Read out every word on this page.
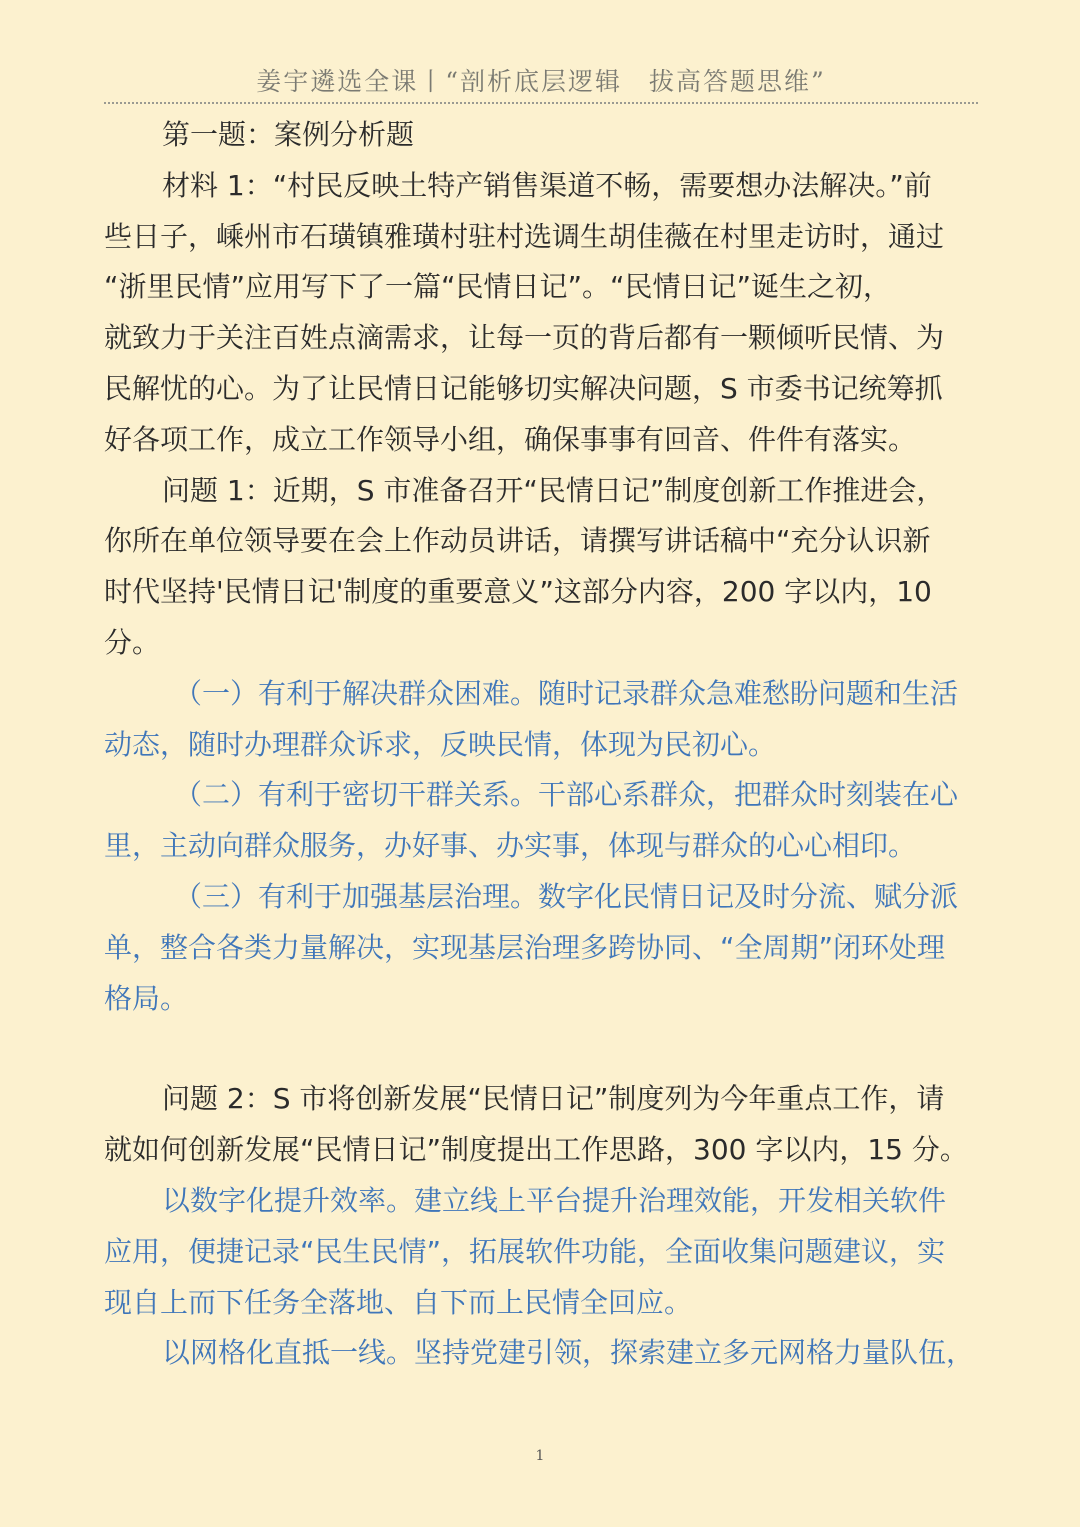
姜宇遴选全课丨“剖析底层逻辑　拔高答题思维”
第一题：案例分析题
材料 1：“村民反映土特产销售渠道不畅，需要想办法解决。”前
些日子，嵊州市石璜镇雅璜村驻村选调生胡佳薇在村里走访时，通过
“浙里民情”应用写下了一篇“民情日记”。“民情日记”诞生之初，
就致力于关注百姓点滴需求，让每一页的背后都有一颗倾听民情、为
民解忧的心。为了让民情日记能够切实解决问题，S 市委书记统筹抓
好各项工作，成立工作领导小组，确保事事有回音、件件有落实。
问题 1：近期，S 市准备召开“民情日记”制度创新工作推进会，
你所在单位领导要在会上作动员讲话，请撰写讲话稿中“充分认识新
时代坚持'民情日记'制度的重要意义”这部分内容，200 字以内，10
分。
（一）有利于解决群众困难。随时记录群众急难愁盼问题和生活
动态，随时办理群众诉求，反映民情，体现为民初心。
（二）有利于密切干群关系。干部心系群众，把群众时刻装在心
里，主动向群众服务，办好事、办实事，体现与群众的心心相印。
（三）有利于加强基层治理。数字化民情日记及时分流、赋分派
单，整合各类力量解决，实现基层治理多跨协同、“全周期”闭环处理
格局。
问题 2：S 市将创新发展“民情日记”制度列为今年重点工作，请
就如何创新发展“民情日记”制度提出工作思路，300 字以内，15 分。
以数字化提升效率。建立线上平台提升治理效能，开发相关软件
应用，便捷记录“民生民情”，拓展软件功能，全面收集问题建议，实
现自上而下任务全落地、自下而上民情全回应。
以网格化直抵一线。坚持党建引领，探索建立多元网格力量队伍，
1
